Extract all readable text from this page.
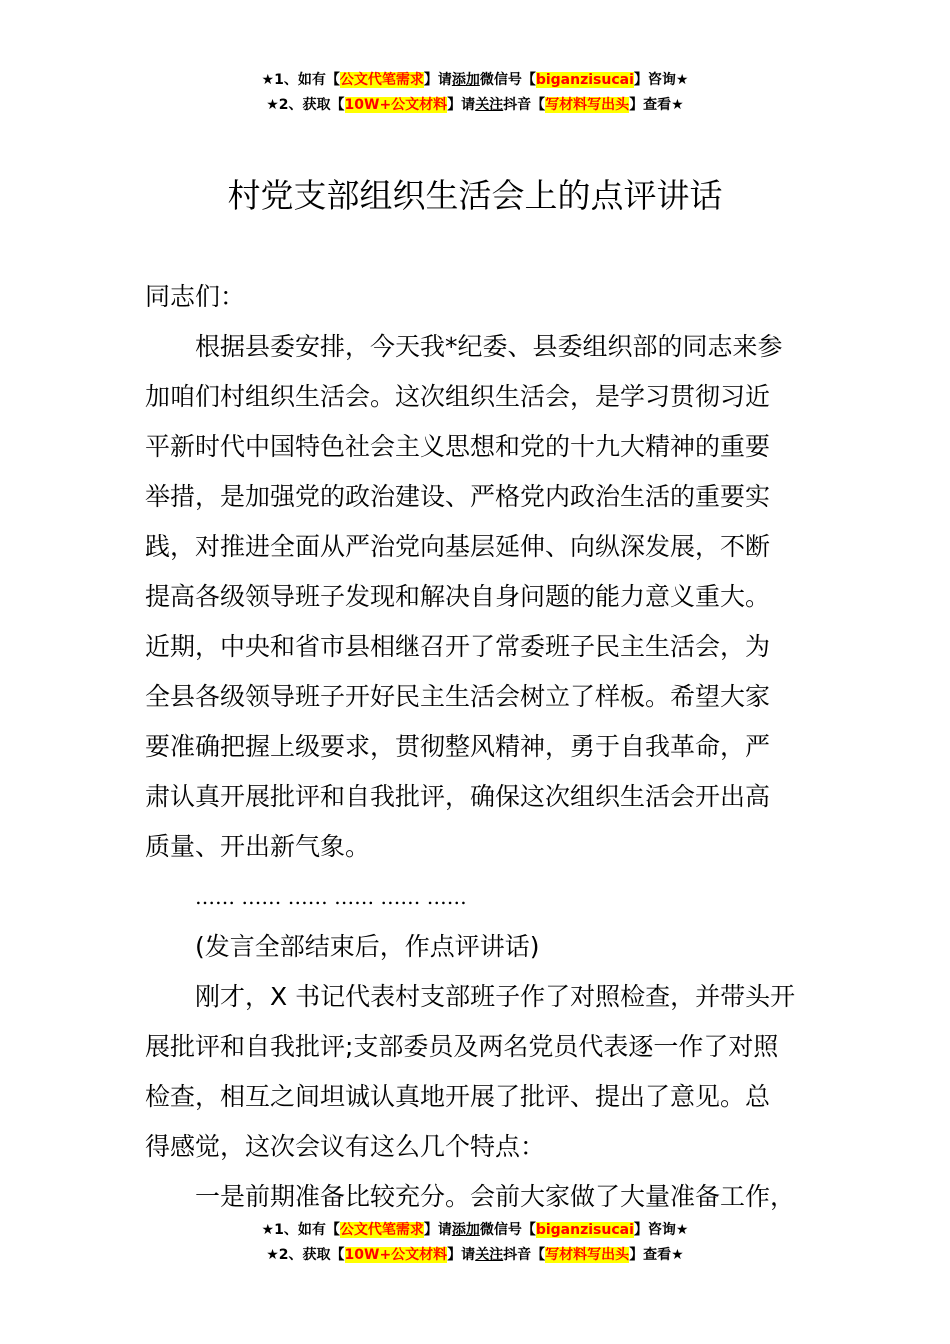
★1、如有【公文代笔需求】请添加微信号【biganzisucai】咨询★
★2、获取【10W+公文材料】请关注抖音【写材料写出头】查看★
村党支部组织生活会上的点评讲话

同志们：

根据县委安排，今天我*纪委、县委组织部的同志来参

加咱们村组织生活会。这次组织生活会，是学习贯彻习近

平新时代中国特色社会主义思想和党的十九大精神的重要

举措，是加强党的政治建设、严格党内政治生活的重要实

践，对推进全面从严治党向基层延伸、向纵深发展，不断

提高各级领导班子发现和解决自身问题的能力意义重大。

近期，中央和省市县相继召开了常委班子民主生活会，为

全县各级领导班子开好民主生活会树立了样板。希望大家

要准确把握上级要求，贯彻整风精神，勇于自我革命，严

肃认真开展批评和自我批评，确保这次组织生活会开出高

质量、开出新气象。

…… …… …… …… …… ……

(发言全部结束后，作点评讲话)

刚才，X 书记代表村支部班子作了对照检查，并带头开

展批评和自我批评;支部委员及两名党员代表逐一作了对照

检查，相互之间坦诚认真地开展了批评、提出了意见。总

得感觉，这次会议有这么几个特点：

一是前期准备比较充分。会前大家做了大量准备工作，

★1、如有【公文代笔需求】请添加微信号【biganzisucai】咨询★
★2、获取【10W+公文材料】请关注抖音【写材料写出头】查看★
